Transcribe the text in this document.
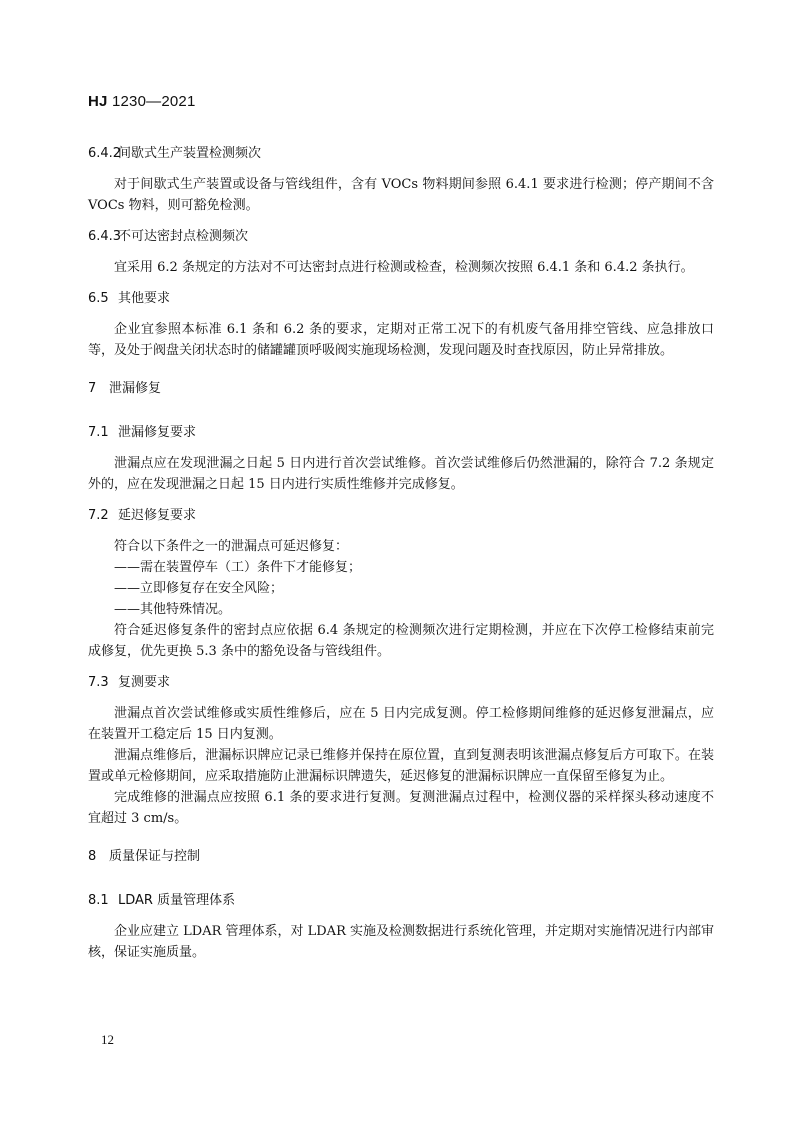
HJ 1230—2021

6.4.2间歇式生产装置检测频次

对于间歇式生产装置或设备与管线组件，含有 VOCs 物料期间参照 6.4.1 要求进行检测；停产期间不含 VOCs 物料，则可豁免检测。

6.4.3不可达密封点检测频次

宜采用 6.2 条规定的方法对不可达密封点进行检测或检查，检测频次按照 6.4.1 条和 6.4.2 条执行。

6.5 其他要求

企业宜参照本标准 6.1 条和 6.2 条的要求，定期对正常工况下的有机废气备用排空管线、应急排放口等，及处于阀盘关闭状态时的储罐罐顶呼吸阀实施现场检测，发现问题及时查找原因，防止异常排放。

7 泄漏修复

7.1 泄漏修复要求

泄漏点应在发现泄漏之日起 5 日内进行首次尝试维修。首次尝试维修后仍然泄漏的，除符合 7.2 条规定外的，应在发现泄漏之日起 15 日内进行实质性维修并完成修复。

7.2 延迟修复要求

符合以下条件之一的泄漏点可延迟修复：

——需在装置停车（工）条件下才能修复；

——立即修复存在安全风险；

——其他特殊情况。

符合延迟修复条件的密封点应依据 6.4 条规定的检测频次进行定期检测，并应在下次停工检修结束前完成修复，优先更换 5.3 条中的豁免设备与管线组件。

7.3 复测要求

泄漏点首次尝试维修或实质性维修后，应在 5 日内完成复测。停工检修期间维修的延迟修复泄漏点，应在装置开工稳定后 15 日内复测。

泄漏点维修后，泄漏标识牌应记录已维修并保持在原位置，直到复测表明该泄漏点修复后方可取下。在装置或单元检修期间，应采取措施防止泄漏标识牌遗失，延迟修复的泄漏标识牌应一直保留至修复为止。

完成维修的泄漏点应按照 6.1 条的要求进行复测。复测泄漏点过程中，检测仪器的采样探头移动速度不宜超过 3 cm/s。

8 质量保证与控制

8.1 LDAR 质量管理体系

企业应建立 LDAR 管理体系，对 LDAR 实施及检测数据进行系统化管理，并定期对实施情况进行内部审核，保证实施质量。

12
